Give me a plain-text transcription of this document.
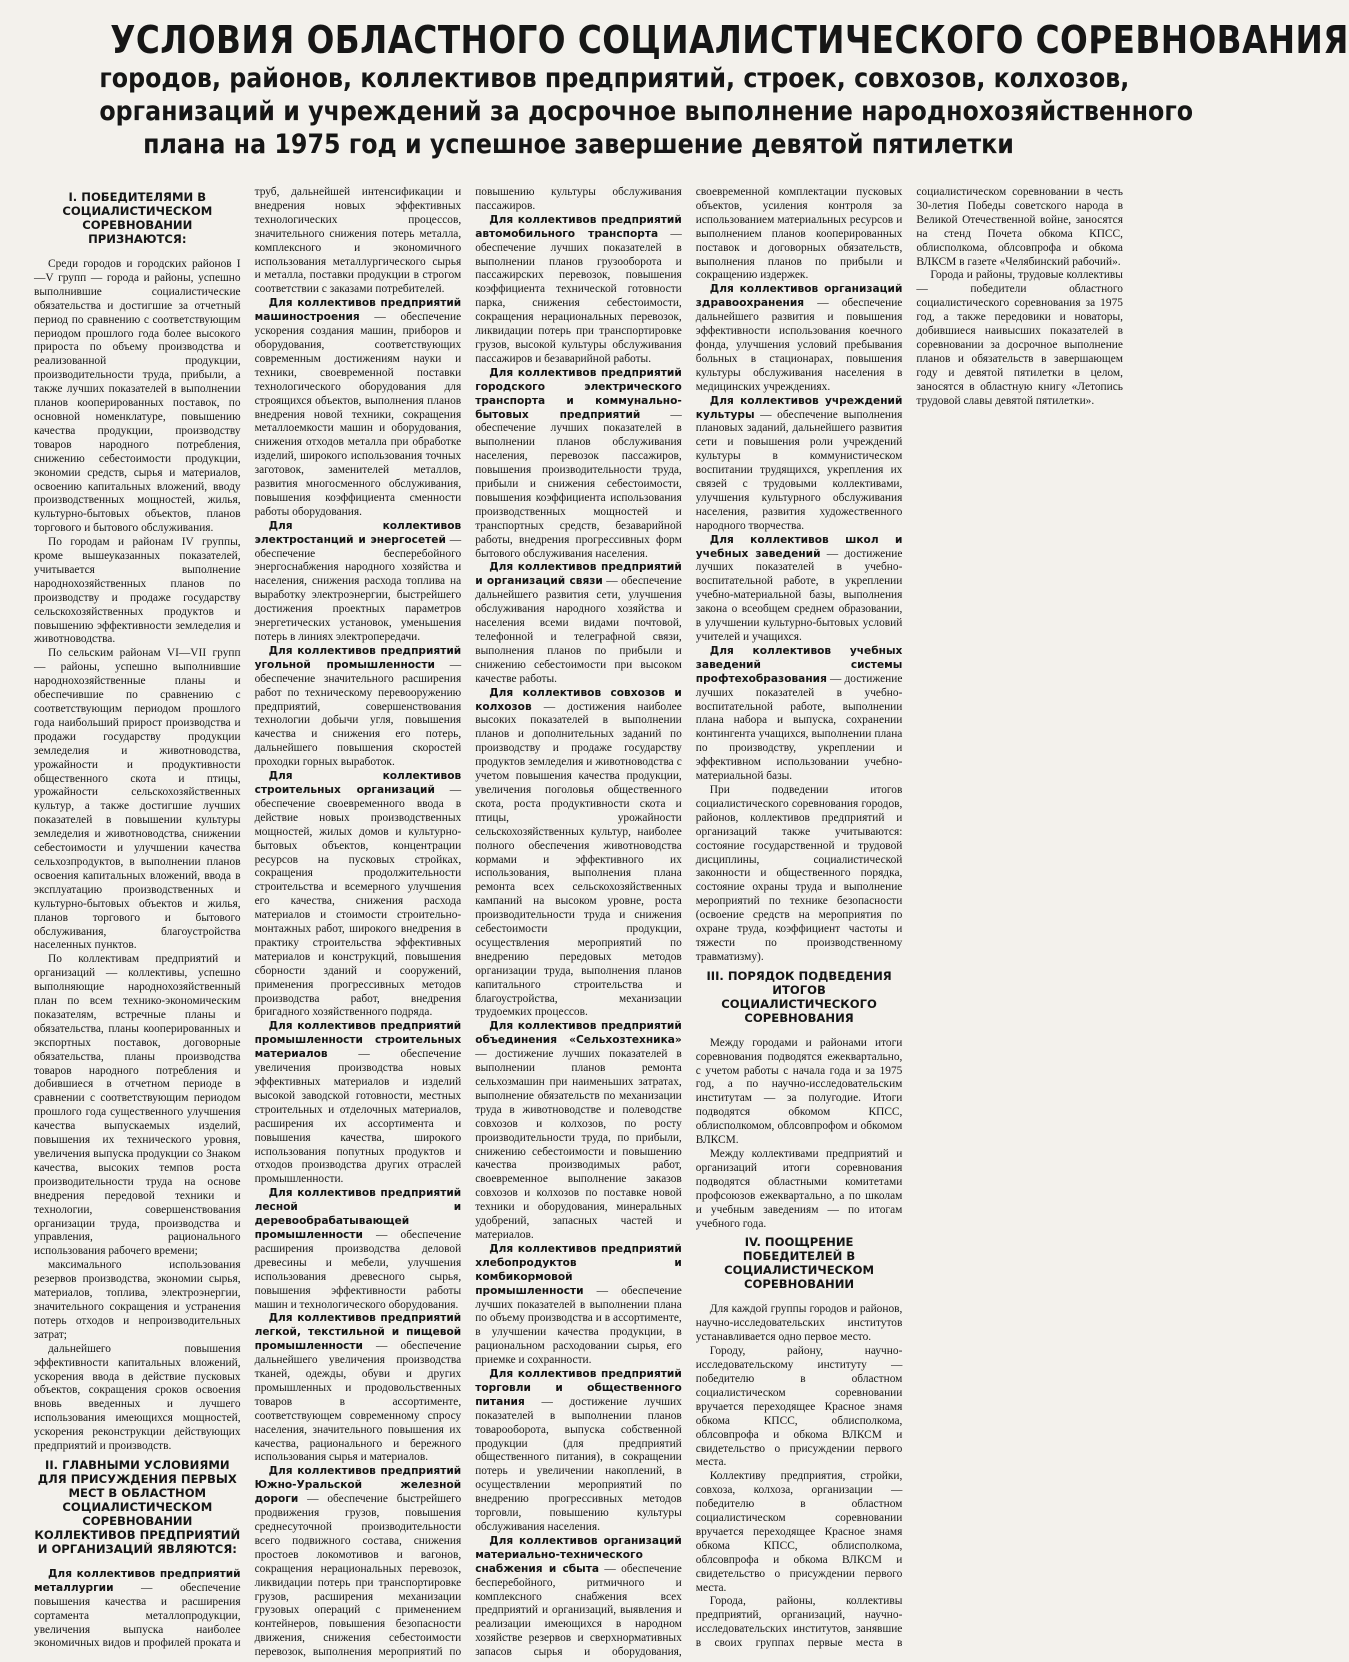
УСЛОВИЯ ОБЛАСТНОГО СОЦИАЛИСТИЧЕСКОГО СОРЕВНОВАНИЯ
городов, районов, коллективов предприятий, строек, совхозов, колхозов,
организаций и учреждений за досрочное выполнение народнохозяйственного
плана на 1975 год и успешное завершение девятой пятилетки
I. ПОБЕДИТЕЛЯМИ В СОЦИАЛИСТИЧЕСКОМ СОРЕВНОВАНИИ ПРИЗНАЮТСЯ:

Среди городов и городских районов I—V групп — города и районы, успешно выполнившие социалистические обязательства и достигшие за отчетный период по сравнению с соответствующим периодом прошлого года более высокого прироста по объему производства и реализованной продукции, производительности труда, прибыли, а также лучших показателей в выполнении планов кооперированных поставок, по основной номенклатуре, повышению качества продукции, производству товаров народного потребления, снижению себестоимости продукции, экономии средств, сырья и материалов, освоению капитальных вложений, вводу производственных мощностей, жилья, культурно-бытовых объектов, планов торгового и бытового обслуживания.

По городам и районам IV группы, кроме вышеуказанных показателей, учитывается выполнение народнохозяйственных планов по производству и продаже государству сельскохозяйственных продуктов и повышению эффективности земледелия и животноводства.

По сельским районам VI—VII групп — районы, успешно выполнившие народнохозяйственные планы и обеспечившие по сравнению с соответствующим периодом прошлого года наибольший прирост производства и продажи государству продукции земледелия и животноводства, урожайности и продуктивности общественного скота и птицы, урожайности сельскохозяйственных культур, а также достигшие лучших показателей в повышении культуры земледелия и животноводства, снижении себестоимости и улучшении качества сельхозпродуктов, в выполнении планов освоения капитальных вложений, ввода в эксплуатацию производственных и культурно-бытовых объектов и жилья, планов торгового и бытового обслуживания, благоустройства населенных пунктов.

По коллективам предприятий и организаций — коллективы, успешно выполняющие народнохозяйственный план по всем технико-экономическим показателям, встречные планы и обязательства, планы кооперированных и экспортных поставок, договорные обязательства, планы производства товаров народного потребления и добившиеся в отчетном периоде в сравнении с соответствующим периодом прошлого года существенного улучшения качества выпускаемых изделий, повышения их технического уровня, увеличения выпуска продукции со Знаком качества, высоких темпов роста производительности труда на основе внедрения передовой техники и технологии, совершенствования организации труда, производства и управления, рационального использования рабочего времени;

максимального использования резервов производства, экономии сырья, материалов, топлива, электроэнергии, значительного сокращения и устранения потерь отходов и непроизводительных затрат;

дальнейшего повышения эффективности капитальных вложений, ускорения ввода в действие пусковых объектов, сокращения сроков освоения вновь введенных и лучшего использования имеющихся мощностей, ускорения реконструкции действующих предприятий и производств.

II. ГЛАВНЫМИ УСЛОВИЯМИ ДЛЯ ПРИСУЖДЕНИЯ ПЕРВЫХ МЕСТ В ОБЛАСТНОМ СОЦИАЛИСТИЧЕСКОМ СОРЕВНОВАНИИ КОЛЛЕКТИВОВ ПРЕДПРИЯТИЙ И ОРГАНИЗАЦИЙ ЯВЛЯЮТСЯ:

Для коллективов предприятий металлургии — обеспечение повышения качества и расширения сортамента металлопродукции, увеличения выпуска наиболее экономичных видов и профилей проката и труб, дальнейшей интенсификации и внедрения новых эффективных технологических процессов, значительного снижения потерь металла, комплексного и экономичного использования металлургического сырья и металла, поставки продукции в строгом соответствии с заказами потребителей.

Для коллективов предприятий машиностроения — обеспечение ускорения создания машин, приборов и оборудования, соответствующих современным достижениям науки и техники, своевременной поставки технологического оборудования для строящихся объектов, выполнения планов внедрения новой техники, сокращения металлоемкости машин и оборудования, снижения отходов металла при обработке изделий, широкого использования точных заготовок, заменителей металлов, развития многосменного обслуживания, повышения коэффициента сменности работы оборудования.

Для коллективов электростанций и энергосетей — обеспечение бесперебойного энергоснабжения народного хозяйства и населения, снижения расхода топлива на выработку электроэнергии, быстрейшего достижения проектных параметров энергетических установок, уменьшения потерь в линиях электропередачи.

Для коллективов предприятий угольной промышленности — обеспечение значительного расширения работ по техническому перевооружению предприятий, совершенствования технологии добычи угля, повышения качества и снижения его потерь, дальнейшего повышения скоростей проходки горных выработок.

Для коллективов строительных организаций — обеспечение своевременного ввода в действие новых производственных мощностей, жилых домов и культурно-бытовых объектов, концентрации ресурсов на пусковых стройках, сокращения продолжительности строительства и всемерного улучшения его качества, снижения расхода материалов и стоимости строительно-монтажных работ, широкого внедрения в практику строительства эффективных материалов и конструкций, повышения сборности зданий и сооружений, применения прогрессивных методов производства работ, внедрения бригадного хозяйственного подряда.

Для коллективов предприятий промышленности строительных материалов — обеспечение увеличения производства новых эффективных материалов и изделий высокой заводской готовности, местных строительных и отделочных материалов, расширения их ассортимента и повышения качества, широкого использования попутных продуктов и отходов производства других отраслей промышленности.

Для коллективов предприятий лесной и деревообрабатывающей промышленности — обеспечение расширения производства деловой древесины и мебели, улучшения использования древесного сырья, повышения эффективности работы машин и технологического оборудования.

Для коллективов предприятий легкой, текстильной и пищевой промышленности — обеспечение дальнейшего увеличения производства тканей, одежды, обуви и других промышленных и продовольственных товаров в ассортименте, соответствующем современному спросу населения, значительного повышения их качества, рационального и бережного использования сырья и материалов.

Для коллективов предприятий Южно-Уральской железной дороги — обеспечение быстрейшего продвижения грузов, повышения среднесуточной производительности всего подвижного состава, снижения простоев локомотивов и вагонов, сокращения нерациональных перевозок, ликвидации потерь при транспортировке грузов, расширения механизации грузовых операций с применением контейнеров, повышения безопасности движения, снижения себестоимости перевозок, выполнения мероприятий по повышению культуры обслуживания пассажиров.

Для коллективов предприятий автомобильного транспорта — обеспечение лучших показателей в выполнении планов грузооборота и пассажирских перевозок, повышения коэффициента технической готовности парка, снижения себестоимости, сокращения нерациональных перевозок, ликвидации потерь при транспортировке грузов, высокой культуры обслуживания пассажиров и безаварийной работы.

Для коллективов предприятий городского электрического транспорта и коммунально-бытовых предприятий — обеспечение лучших показателей в выполнении планов обслуживания населения, перевозок пассажиров, повышения производительности труда, прибыли и снижения себестоимости, повышения коэффициента использования производственных мощностей и транспортных средств, безаварийной работы, внедрения прогрессивных форм бытового обслуживания населения.

Для коллективов предприятий и организаций связи — обеспечение дальнейшего развития сети, улучшения обслуживания народного хозяйства и населения всеми видами почтовой, телефонной и телеграфной связи, выполнения планов по прибыли и снижению себестоимости при высоком качестве работы.

Для коллективов совхозов и колхозов — достижения наиболее высоких показателей в выполнении планов и дополнительных заданий по производству и продаже государству продуктов земледелия и животноводства с учетом повышения качества продукции, увеличения поголовья общественного скота, роста продуктивности скота и птицы, урожайности сельскохозяйственных культур, наиболее полного обеспечения животноводства кормами и эффективного их использования, выполнения плана ремонта всех сельскохозяйственных кампаний на высоком уровне, роста производительности труда и снижения себестоимости продукции, осуществления мероприятий по внедрению передовых методов организации труда, выполнения планов капитального строительства и благоустройства, механизации трудоемких процессов.

Для коллективов предприятий объединения «Сельхозтехника» — достижение лучших показателей в выполнении планов ремонта сельхозмашин при наименьших затратах, выполнение обязательств по механизации труда в животноводстве и полеводстве совхозов и колхозов, по росту производительности труда, по прибыли, снижению себестоимости и повышению качества производимых работ, своевременное выполнение заказов совхозов и колхозов по поставке новой техники и оборудования, минеральных удобрений, запасных частей и материалов.

Для коллективов предприятий хлебопродуктов и комбикормовой промышленности — обеспечение лучших показателей в выполнении плана по объему производства и в ассортименте, в улучшении качества продукции, в рациональном расходовании сырья, его приемке и сохранности.

Для коллективов предприятий торговли и общественного питания — достижение лучших показателей в выполнении планов товарооборота, выпуска собственной продукции (для предприятий общественного питания), в сокращении потерь и увеличении накоплений, в осуществлении мероприятий по внедрению прогрессивных методов торговли, повышению культуры обслуживания населения.

Для коллективов организаций материально-технического снабжения и сбыта — обеспечение бесперебойного, ритмичного и комплексного снабжения всех предприятий и организаций, выявления и реализации имеющихся в народном хозяйстве резервов и сверхнормативных запасов сырья и оборудования, своевременной комплектации пусковых объектов, усиления контроля за использованием материальных ресурсов и выполнением планов кооперированных поставок и договорных обязательств, выполнения планов по прибыли и сокращению издержек.

Для коллективов организаций здравоохранения — обеспечение дальнейшего развития и повышения эффективности использования коечного фонда, улучшения условий пребывания больных в стационарах, повышения культуры обслуживания населения в медицинских учреждениях.

Для коллективов учреждений культуры — обеспечение выполнения плановых заданий, дальнейшего развития сети и повышения роли учреждений культуры в коммунистическом воспитании трудящихся, укрепления их связей с трудовыми коллективами, улучшения культурного обслуживания населения, развития художественного народного творчества.

Для коллективов школ и учебных заведений — достижение лучших показателей в учебно-воспитательной работе, в укреплении учебно-материальной базы, выполнения закона о всеобщем среднем образовании, в улучшении культурно-бытовых условий учителей и учащихся.

Для коллективов учебных заведений системы профтехобразования — достижение лучших показателей в учебно-воспитательной работе, выполнении плана набора и выпуска, сохранении контингента учащихся, выполнении плана по производству, укреплении и эффективном использовании учебно-материальной базы.

При подведении итогов социалистического соревнования городов, районов, коллективов предприятий и организаций также учитываются: состояние государственной и трудовой дисциплины, социалистической законности и общественного порядка, состояние охраны труда и выполнение мероприятий по технике безопасности (освоение средств на мероприятия по охране труда, коэффициент частоты и тяжести по производственному травматизму).

III. ПОРЯДОК ПОДВЕДЕНИЯ ИТОГОВ СОЦИАЛИСТИЧЕСКОГО СОРЕВНОВАНИЯ

Между городами и районами итоги соревнования подводятся ежеквартально, с учетом работы с начала года и за 1975 год, а по научно-исследовательским институтам — за полугодие. Итоги подводятся обкомом КПСС, облисполкомом, облсовпрофом и обкомом ВЛКСМ.

Между коллективами предприятий и организаций итоги соревнования подводятся областными комитетами профсоюзов ежеквартально, а по школам и учебным заведениям — по итогам учебного года.

IV. ПООЩРЕНИЕ ПОБЕДИТЕЛЕЙ В СОЦИАЛИСТИЧЕСКОМ СОРЕВНОВАНИИ

Для каждой группы городов и районов, научно-исследовательских институтов устанавливается одно первое место.

Городу, району, научно-исследовательскому институту — победителю в областном социалистическом соревновании вручается переходящее Красное знамя обкома КПСС, облисполкома, облсовпрофа и обкома ВЛКСМ и свидетельство о присуждении первого места.

Коллективу предприятия, стройки, совхоза, колхоза, организации — победителю в областном социалистическом соревновании вручается переходящее Красное знамя обкома КПСС, облисполкома, облсовпрофа и обкома ВЛКСМ и свидетельство о присуждении первого места.

Города, районы, коллективы предприятий, организаций, научно-исследовательских институтов, занявшие в своих группах первые места в социалистическом соревновании в честь 30-летия Победы советского народа в Великой Отечественной войне, заносятся на стенд Почета обкома КПСС, облисполкома, облсовпрофа и обкома ВЛКСМ в газете «Челябинский рабочий».

Города и районы, трудовые коллективы — победители областного социалистического соревнования за 1975 год, а также передовики и новаторы, добившиеся наивысших показателей в соревновании за досрочное выполнение планов и обязательств в завершающем году и девятой пятилетки в целом, заносятся в областную книгу «Летопись трудовой славы девятой пятилетки».
